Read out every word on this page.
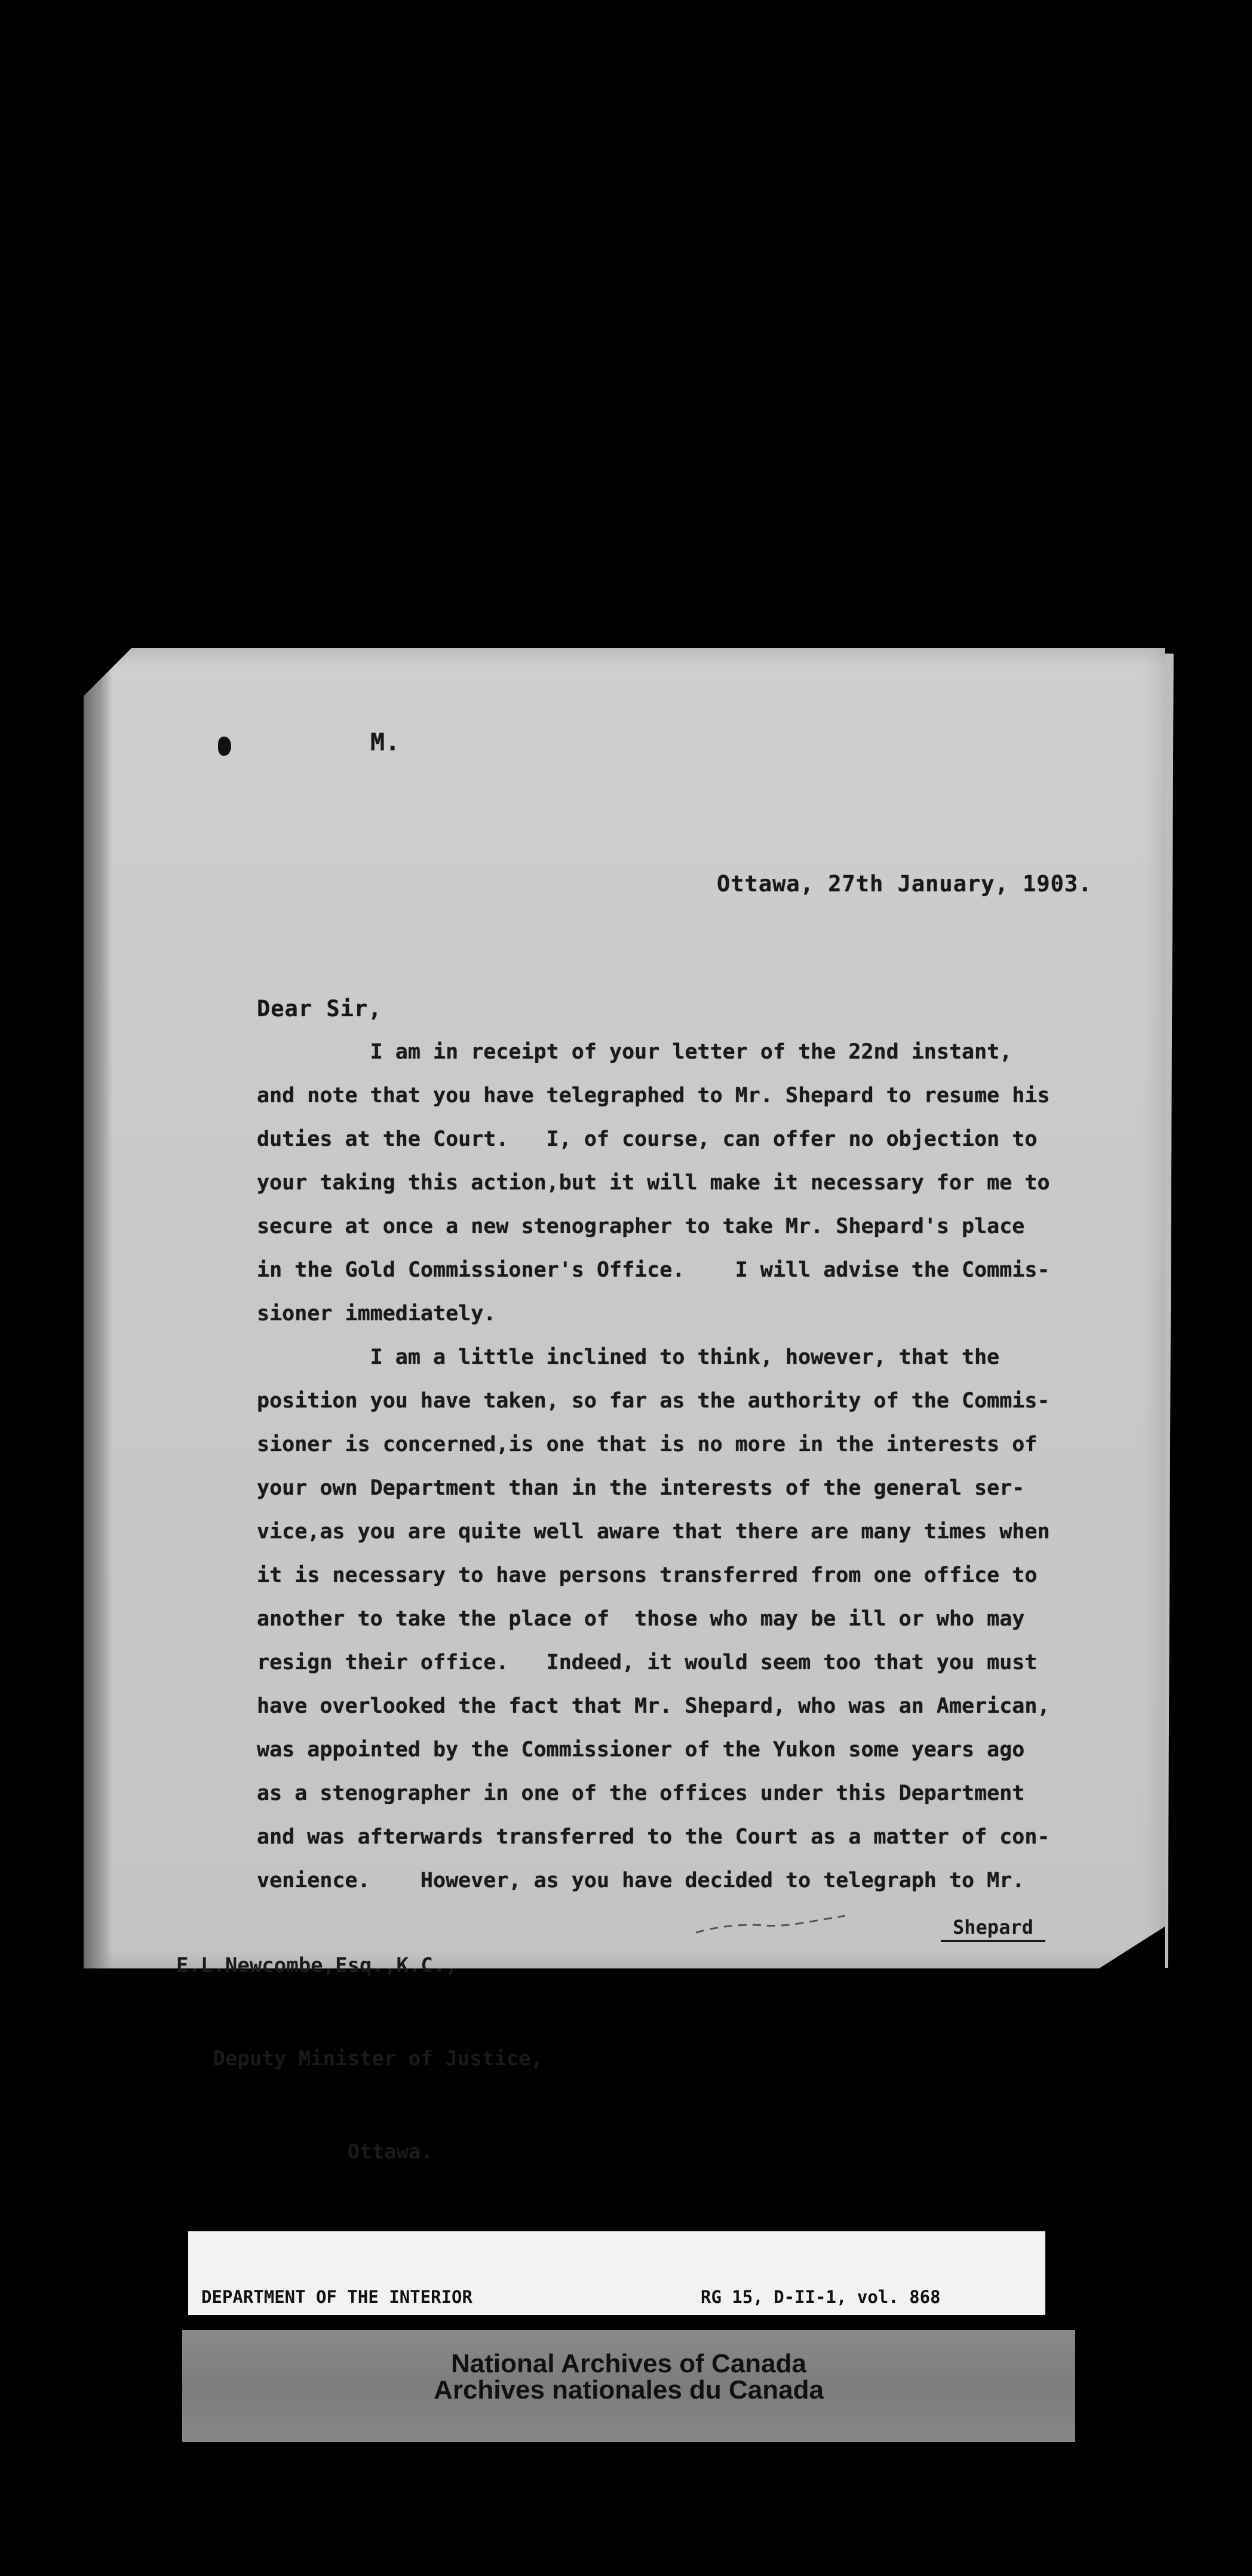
M.
Ottawa, 27th January, 1903.
Dear Sir,
I am in receipt of your letter of the 22nd instant,
and note that you have telegraphed to Mr. Shepard to resume his
duties at the Court.   I, of course, can offer no objection to
your taking this action,but it will make it necessary for me to
secure at once a new stenographer to take Mr. Shepard's place
in the Gold Commissioner's Office.    I will advise the Commis-
sioner immediately.
I am a little inclined to think, however, that the
position you have taken, so far as the authority of the Commis-
sioner is concerned,is one that is no more in the interests of
your own Department than in the interests of the general ser-
vice,as you are quite well aware that there are many times when
it is necessary to have persons transferred from one office to
another to take the place of  those who may be ill or who may
resign their office.   Indeed, it would seem too that you must
have overlooked the fact that Mr. Shepard, who was an American,
was appointed by the Commissioner of the Yukon some years ago
as a stenographer in one of the offices under this Department
and was afterwards transferred to the Court as a matter of con-
venience.    However, as you have decided to telegraph to Mr.

E.L.Newcombe,Esq.,K.C.,

Deputy Minister of Justice,

Ottawa.

Shepard

DEPARTMENT OF THE INTERIOR

	RG 15, D-II-1, vol. 868

National Archives of Canada
Archives nationales du Canada
